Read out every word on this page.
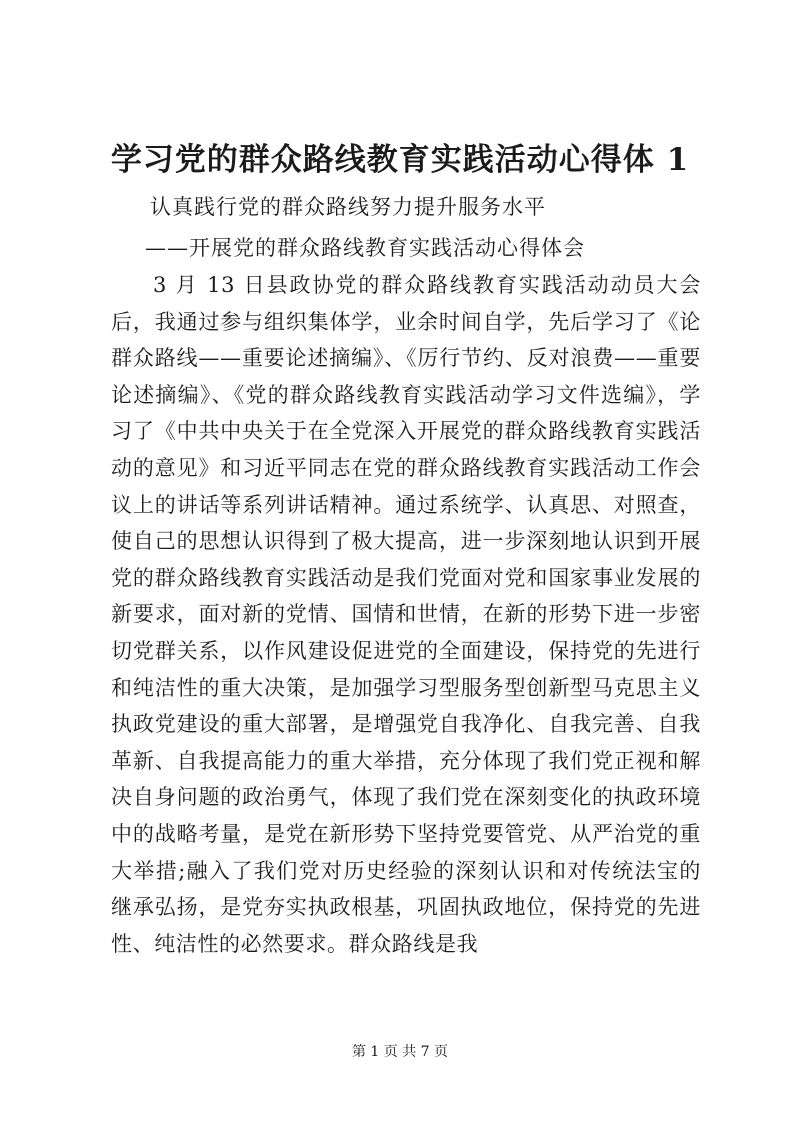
学习党的群众路线教育实践活动心得体 1

认真践行党的群众路线努力提升服务水平

——开展党的群众路线教育实践活动心得体会

3 月 13 日县政协党的群众路线教育实践活动动员大会后，我通过参与组织集体学，业余时间自学，先后学习了《论群众路线——重要论述摘编》、《厉行节约、反对浪费——重要论述摘编》、《党的群众路线教育实践活动学习文件选编》，学习了《中共中央关于在全党深入开展党的群众路线教育实践活动的意见》和习近平同志在党的群众路线教育实践活动工作会议上的讲话等系列讲话精神。通过系统学、认真思、对照查，使自己的思想认识得到了极大提高，进一步深刻地认识到开展党的群众路线教育实践活动是我们党面对党和国家事业发展的新要求，面对新的党情、国情和世情，在新的形势下进一步密切党群关系，以作风建设促进党的全面建设，保持党的先进行和纯洁性的重大决策，是加强学习型服务型创新型马克思主义执政党建设的重大部署，是增强党自我净化、自我完善、自我革新、自我提高能力的重大举措，充分体现了我们党正视和解决自身问题的政治勇气，体现了我们党在深刻变化的执政环境中的战略考量，是党在新形势下坚持党要管党、从严治党的重大举措;融入了我们党对历史经验的深刻认识和对传统法宝的继承弘扬，是党夯实执政根基，巩固执政地位，保持党的先进性、纯洁性的必然要求。群众路线是我

第 1 页 共 7 页
